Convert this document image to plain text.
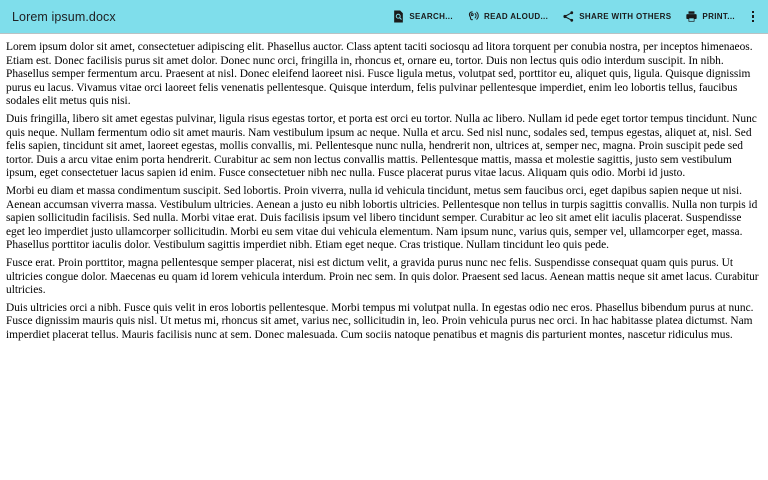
Lorem ipsum.docx	SEARCH...	READ ALOUD...	SHARE WITH OTHERS	PRINT...

Lorem ipsum dolor sit amet, consectetuer adipiscing elit. Phasellus auctor. Class aptent taciti sociosqu ad litora torquent per conubia nostra, per inceptos himenaeos. Etiam est. Donec facilisis purus sit amet dolor. Donec nunc orci, fringilla in, rhoncus et, ornare eu, tortor. Duis non lectus quis odio interdum suscipit. In nibh. Phasellus semper fermentum arcu. Praesent at nisl. Donec eleifend laoreet nisi. Fusce ligula metus, volutpat sed, porttitor eu, aliquet quis, ligula. Quisque dignissim purus eu lacus. Vivamus vitae orci laoreet felis venenatis pellentesque. Quisque interdum, felis pulvinar pellentesque imperdiet, enim leo lobortis tellus, faucibus sodales elit metus quis nisi.

Duis fringilla, libero sit amet egestas pulvinar, ligula risus egestas tortor, et porta est orci eu tortor. Nulla ac libero. Nullam id pede eget tortor tempus tincidunt. Nunc quis neque. Nullam fermentum odio sit amet mauris. Nam vestibulum ipsum ac neque. Nulla et arcu. Sed nisl nunc, sodales sed, tempus egestas, aliquet at, nisl. Sed felis sapien, tincidunt sit amet, laoreet egestas, mollis convallis, mi. Pellentesque nunc nulla, hendrerit non, ultrices at, semper nec, magna. Proin suscipit pede sed tortor. Duis a arcu vitae enim porta hendrerit. Curabitur ac sem non lectus convallis mattis. Pellentesque mattis, massa et molestie sagittis, justo sem vestibulum ipsum, eget consectetuer lacus sapien id enim. Fusce consectetuer nibh nec nulla. Fusce placerat purus vitae lacus. Aliquam quis odio. Morbi id justo.

Morbi eu diam et massa condimentum suscipit. Sed lobortis. Proin viverra, nulla id vehicula tincidunt, metus sem faucibus orci, eget dapibus sapien neque ut nisi. Aenean accumsan viverra massa. Vestibulum ultricies. Aenean a justo eu nibh lobortis ultricies. Pellentesque non tellus in turpis sagittis convallis. Nulla non turpis id sapien sollicitudin facilisis. Sed nulla. Morbi vitae erat. Duis facilisis ipsum vel libero tincidunt semper. Curabitur ac leo sit amet elit iaculis placerat. Suspendisse eget leo imperdiet justo ullamcorper sollicitudin. Morbi eu sem vitae dui vehicula elementum. Nam ipsum nunc, varius quis, semper vel, ullamcorper eget, massa. Phasellus porttitor iaculis dolor. Vestibulum sagittis imperdiet nibh. Etiam eget neque. Cras tristique. Nullam tincidunt leo quis pede.

Fusce erat. Proin porttitor, magna pellentesque semper placerat, nisi est dictum velit, a gravida purus nunc nec felis. Suspendisse consequat quam quis purus. Ut ultricies congue dolor. Maecenas eu quam id lorem vehicula interdum. Proin nec sem. In quis dolor. Praesent sed lacus. Aenean mattis neque sit amet lacus. Curabitur ultricies.

Duis ultricies orci a nibh. Fusce quis velit in eros lobortis pellentesque. Morbi tempus mi volutpat nulla. In egestas odio nec eros. Phasellus bibendum purus at nunc. Fusce dignissim mauris quis nisl. Ut metus mi, rhoncus sit amet, varius nec, sollicitudin in, leo. Proin vehicula purus nec orci. In hac habitasse platea dictumst. Nam imperdiet placerat tellus. Mauris facilisis nunc at sem. Donec malesuada. Cum sociis natoque penatibus et magnis dis parturient montes, nascetur ridiculus mus.
